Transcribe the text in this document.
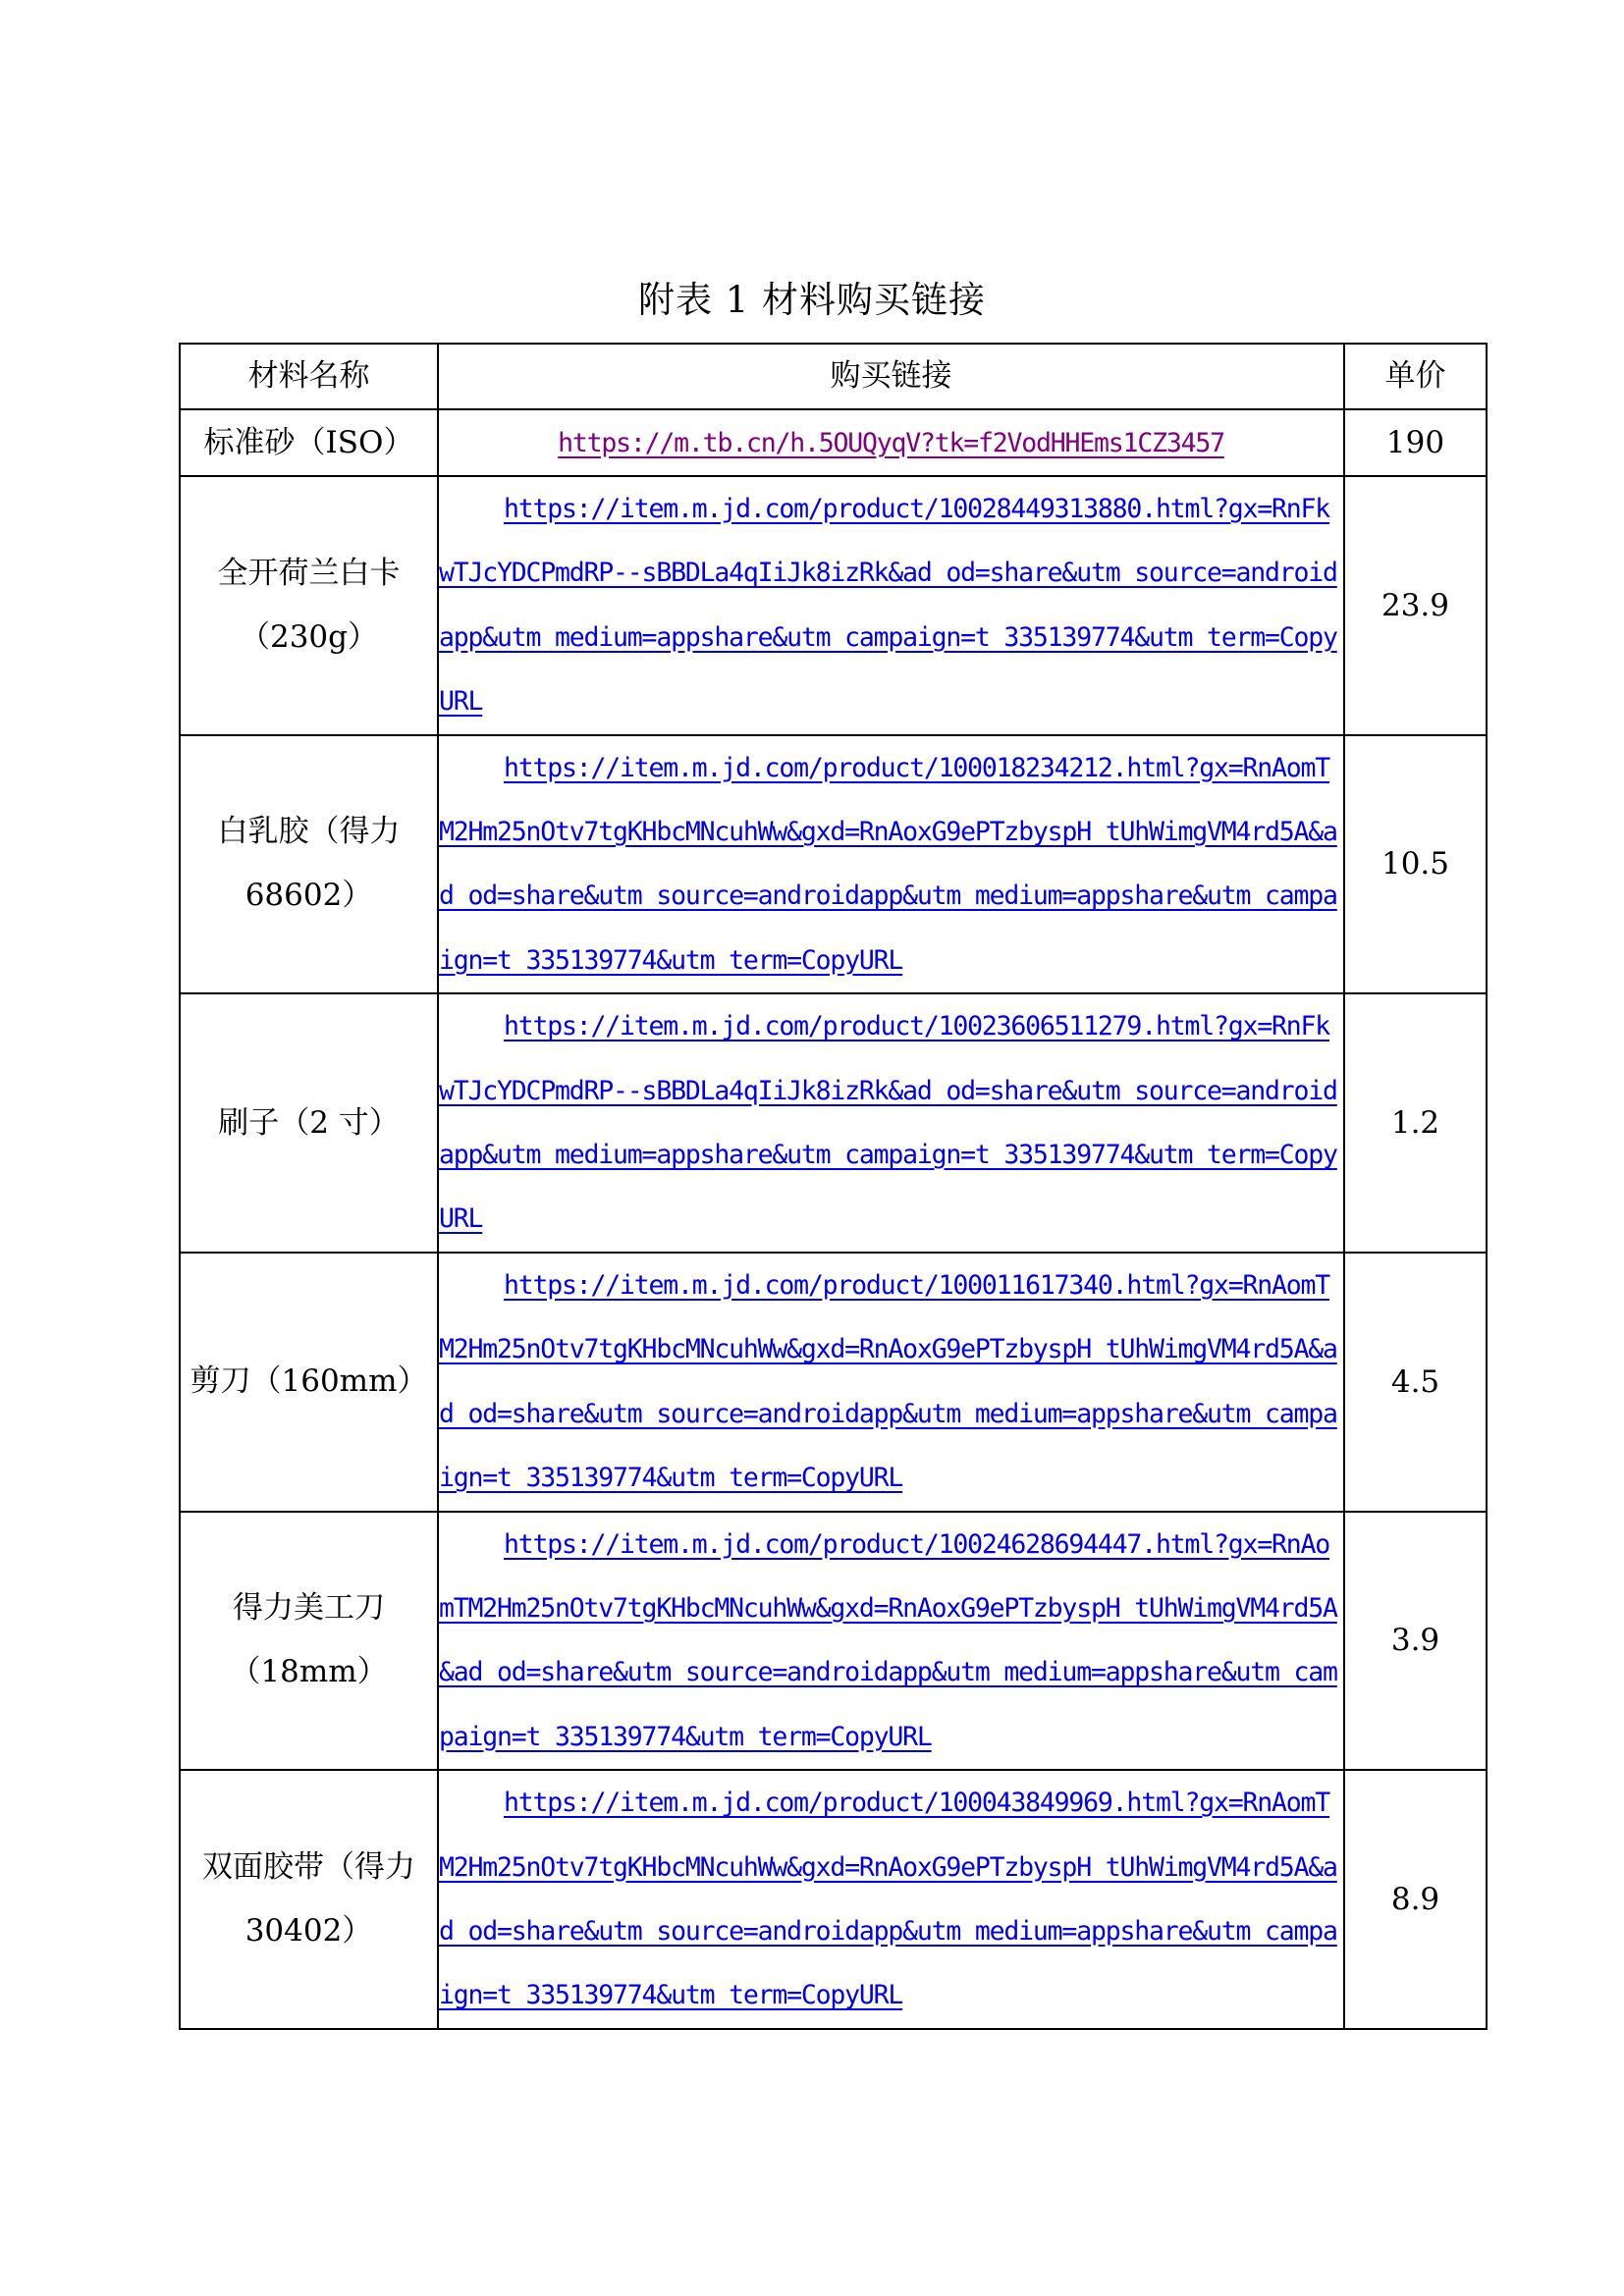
附表 1 材料购买链接
材料名称	购买链接	单价

标准砂（ISO）	https://m.tb.cn/h.5OUQyqV?tk=f2VodHHEms1CZ3457	190

全开荷兰白卡
（230g）	https://item.m.jd.com/product/10028449313880.html?gx=RnFkwTJcYDCPmdRP--sBBDLa4qIiJk8izRk&ad_od=share&utm_source=androidapp&utm_medium=appshare&utm_campaign=t_335139774&utm_term=CopyURL	23.9

白乳胶（得力
68602）	https://item.m.jd.com/product/100018234212.html?gx=RnAomTM2Hm25nOtv7tgKHbcMNcuhWw&gxd=RnAoxG9ePTzbyspH_tUhWimgVM4rd5A&ad_od=share&utm_source=androidapp&utm_medium=appshare&utm_campaign=t_335139774&utm_term=CopyURL	10.5

刷子（2 寸）	https://item.m.jd.com/product/10023606511279.html?gx=RnFkwTJcYDCPmdRP--sBBDLa4qIiJk8izRk&ad_od=share&utm_source=androidapp&utm_medium=appshare&utm_campaign=t_335139774&utm_term=CopyURL	1.2

剪刀（160mm）	https://item.m.jd.com/product/100011617340.html?gx=RnAomTM2Hm25nOtv7tgKHbcMNcuhWw&gxd=RnAoxG9ePTzbyspH_tUhWimgVM4rd5A&ad_od=share&utm_source=androidapp&utm_medium=appshare&utm_campaign=t_335139774&utm_term=CopyURL	4.5

得力美工刀
（18mm）	https://item.m.jd.com/product/10024628694447.html?gx=RnAomTM2Hm25nOtv7tgKHbcMNcuhWw&gxd=RnAoxG9ePTzbyspH_tUhWimgVM4rd5A&ad_od=share&utm_source=androidapp&utm_medium=appshare&utm_campaign=t_335139774&utm_term=CopyURL	3.9

双面胶带（得力
30402）	https://item.m.jd.com/product/100043849969.html?gx=RnAomTM2Hm25nOtv7tgKHbcMNcuhWw&gxd=RnAoxG9ePTzbyspH_tUhWimgVM4rd5A&ad_od=share&utm_source=androidapp&utm_medium=appshare&utm_campaign=t_335139774&utm_term=CopyURL	8.9
